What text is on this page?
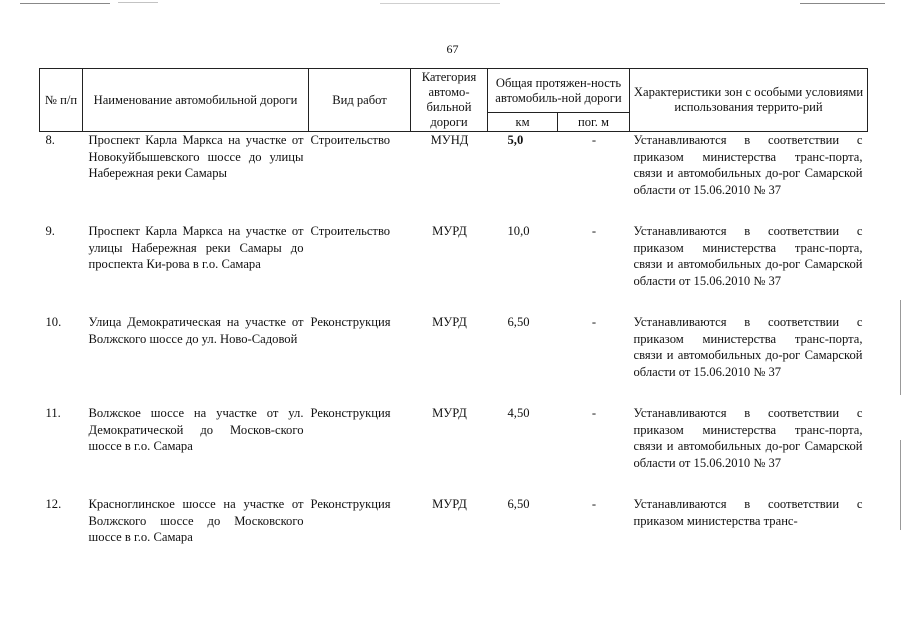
67
№ п/п	Наименование автомобильной дороги	Вид работ	Категория автомо-бильной дороги	Общая протяжен-ность автомобиль-ной дороги		Характеристики зон с особыми условиями использования террито-рий
				км	пог. м	
8.	Проспект Карла Маркса на участке от Новокуйбышевского шоссе до улицы Набережная реки Самары	Строительство	МУНД	5,0	-	Устанавливаются в соответствии с приказом министерства транс-порта, связи и автомобильных до-рог Самарской области от 15.06.2010 № 37
9.	Проспект Карла Маркса на участке от улицы Набережная реки Самары до проспекта Ки-рова в г.о. Самара	Строительство	МУРД	10,0	-	Устанавливаются в соответствии с приказом министерства транс-порта, связи и автомобильных до-рог Самарской области от 15.06.2010 № 37
10.	Улица Демократическая на участке от Волжского шоссе до ул. Ново-Садовой	Реконструкция	МУРД	6,50	-	Устанавливаются в соответствии с приказом министерства транс-порта, связи и автомобильных до-рог Самарской области от 15.06.2010 № 37
11.	Волжское шоссе на участке от ул. Демократической до Москов-ского шоссе в г.о. Самара	Реконструкция	МУРД	4,50	-	Устанавливаются в соответствии с приказом министерства транс-порта, связи и автомобильных до-рог Самарской области от 15.06.2010 № 37
12.	Красноглинское шоссе на участке от Волжского шоссе до Московского шоссе в г.о. Самара	Реконструкция	МУРД	6,50	-	Устанавливаются в соответствии с приказом министерства транс-
